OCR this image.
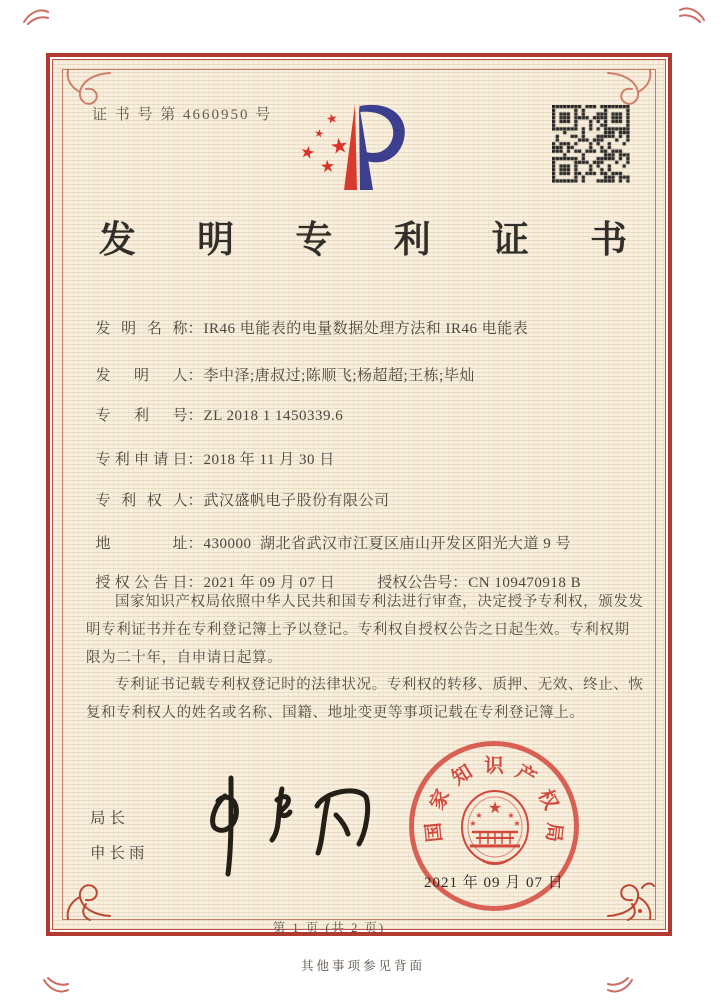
证 书 号 第 4660950 号	★
★ ★
★
★
发 明 专 利 证 书

发明名称：IR46 电能表的电量数据处理方法和 IR46 电能表

发明人：李中泽;唐叔过;陈顺飞;杨超超;王栋;毕灿

专利号：ZL 2018 1 1450339.6

专利申请日：2018 年 11 月 30 日

专利权人：武汉盛帆电子股份有限公司

地址：430000  湖北省武汉市江夏区庙山开发区阳光大道 9 号

授权公告日：2021 年 09 月 07 日	授权公告号：CN 109470918 B

国家知识产权局依照中华人民共和国专利法进行审查，决定授予专利权，颁发发明专利证书并在专利登记簿上予以登记。专利权自授权公告之日起生效。专利权期限为二十年，自申请日起算。

专利证书记载专利权登记时的法律状况。专利权的转移、质押、无效、终止、恢复和专利权人的姓名或名称、国籍、地址变更等事项记载在专利登记簿上。

局长
申长雨
国
家
知 识 产
权
局
★
★	★
★	★
2021 年 09 月 07 日
第 1 页 (共 2 页)
其他事项参见背面
